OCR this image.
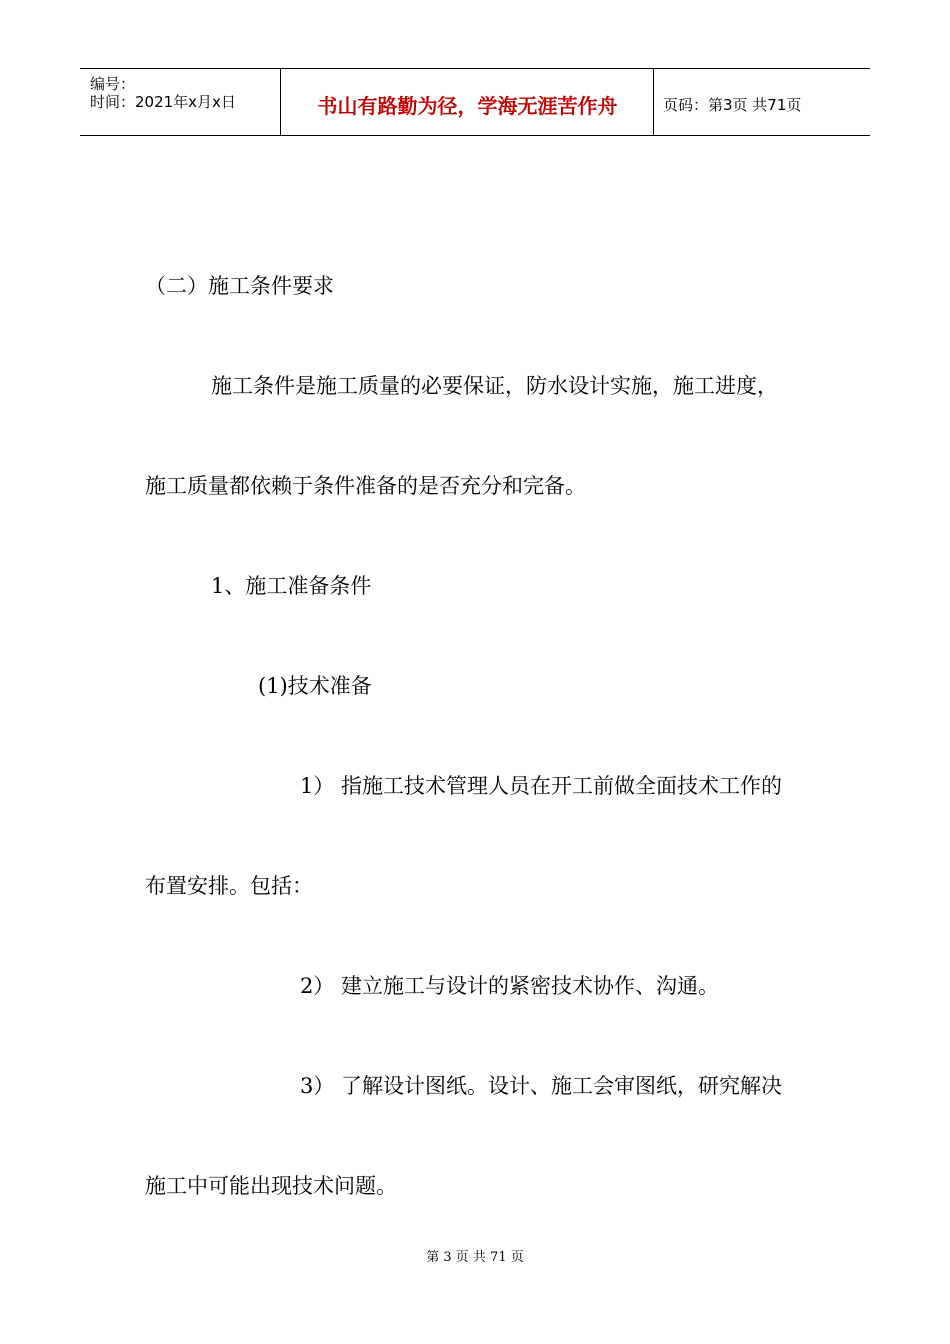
编号：
时间：2021年x月x日	书山有路勤为径，学海无涯苦作舟	页码：第3页 共71页
（二）施工条件要求
施工条件是施工质量的必要保证，防水设计实施，施工进度，
施工质量都依赖于条件准备的是否充分和完备。
1、施工准备条件
(1)技术准备
1） 指施工技术管理人员在开工前做全面技术工作的
布置安排。包括：
2） 建立施工与设计的紧密技术协作、沟通。
3） 了解设计图纸。设计、施工会审图纸，研究解决
施工中可能出现技术问题。
第 3 页 共 71 页
